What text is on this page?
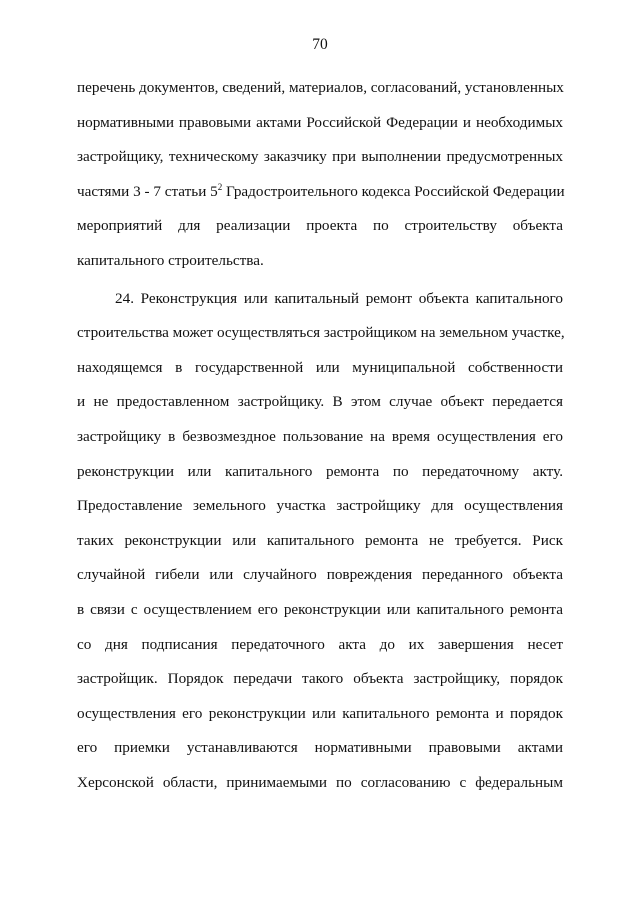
70
перечень документов, сведений, материалов, согласований, установленных
нормативными правовыми актами Российской Федерации и необходимых
застройщику, техническому заказчику при выполнении предусмотренных
частями 3 - 7 статьи $5^2$ Градостроительного кодекса Российской Федерации
мероприятий для реализации проекта по строительству объекта
капитального строительства.
24. Реконструкция или капитальный ремонт объекта капитального
строительства может осуществляться застройщиком на земельном участке,
находящемся в государственной или муниципальной собственности
и не предоставленном застройщику. В этом случае объект передается
застройщику в безвозмездное пользование на время осуществления его
реконструкции или капитального ремонта по передаточному акту.
Предоставление земельного участка застройщику для осуществления
таких реконструкции или капитального ремонта не требуется. Риск
случайной гибели или случайного повреждения переданного объекта
в связи с осуществлением его реконструкции или капитального ремонта
со дня подписания передаточного акта до их завершения несет
застройщик. Порядок передачи такого объекта застройщику, порядок
осуществления его реконструкции или капитального ремонта и порядок
его приемки устанавливаются нормативными правовыми актами
Херсонской области, принимаемыми по согласованию с федеральным
